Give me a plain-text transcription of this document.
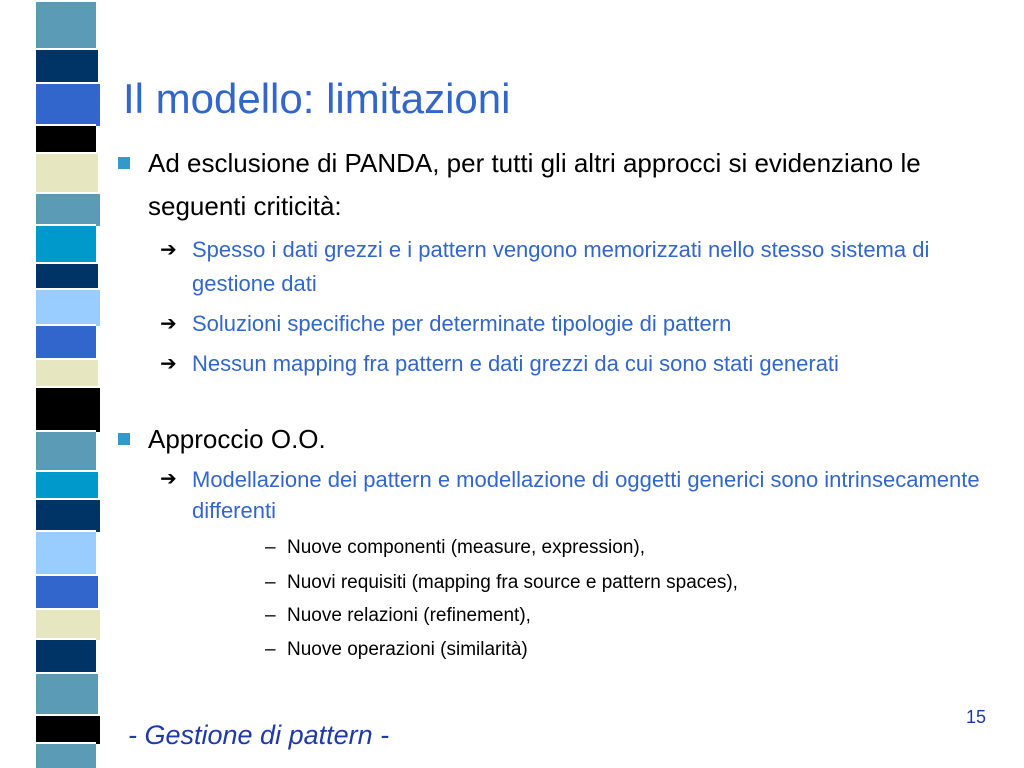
Il modello: limitazioni
Ad esclusione di PANDA, per tutti gli altri approcci si evidenziano le seguenti criticità:
➔ Spesso i dati grezzi e i pattern vengono memorizzati nello stesso sistema di gestione dati
➔ Soluzioni specifiche per determinate tipologie di pattern
➔ Nessun mapping fra pattern e dati grezzi da cui sono stati generati
Approccio O.O.
➔ Modellazione dei pattern e modellazione di oggetti generici sono intrinsecamente differenti
– Nuove componenti (measure, expression),
– Nuovi requisiti (mapping fra source e pattern spaces),
– Nuove relazioni (refinement),
– Nuove operazioni (similarità)
- Gestione di pattern -
15
